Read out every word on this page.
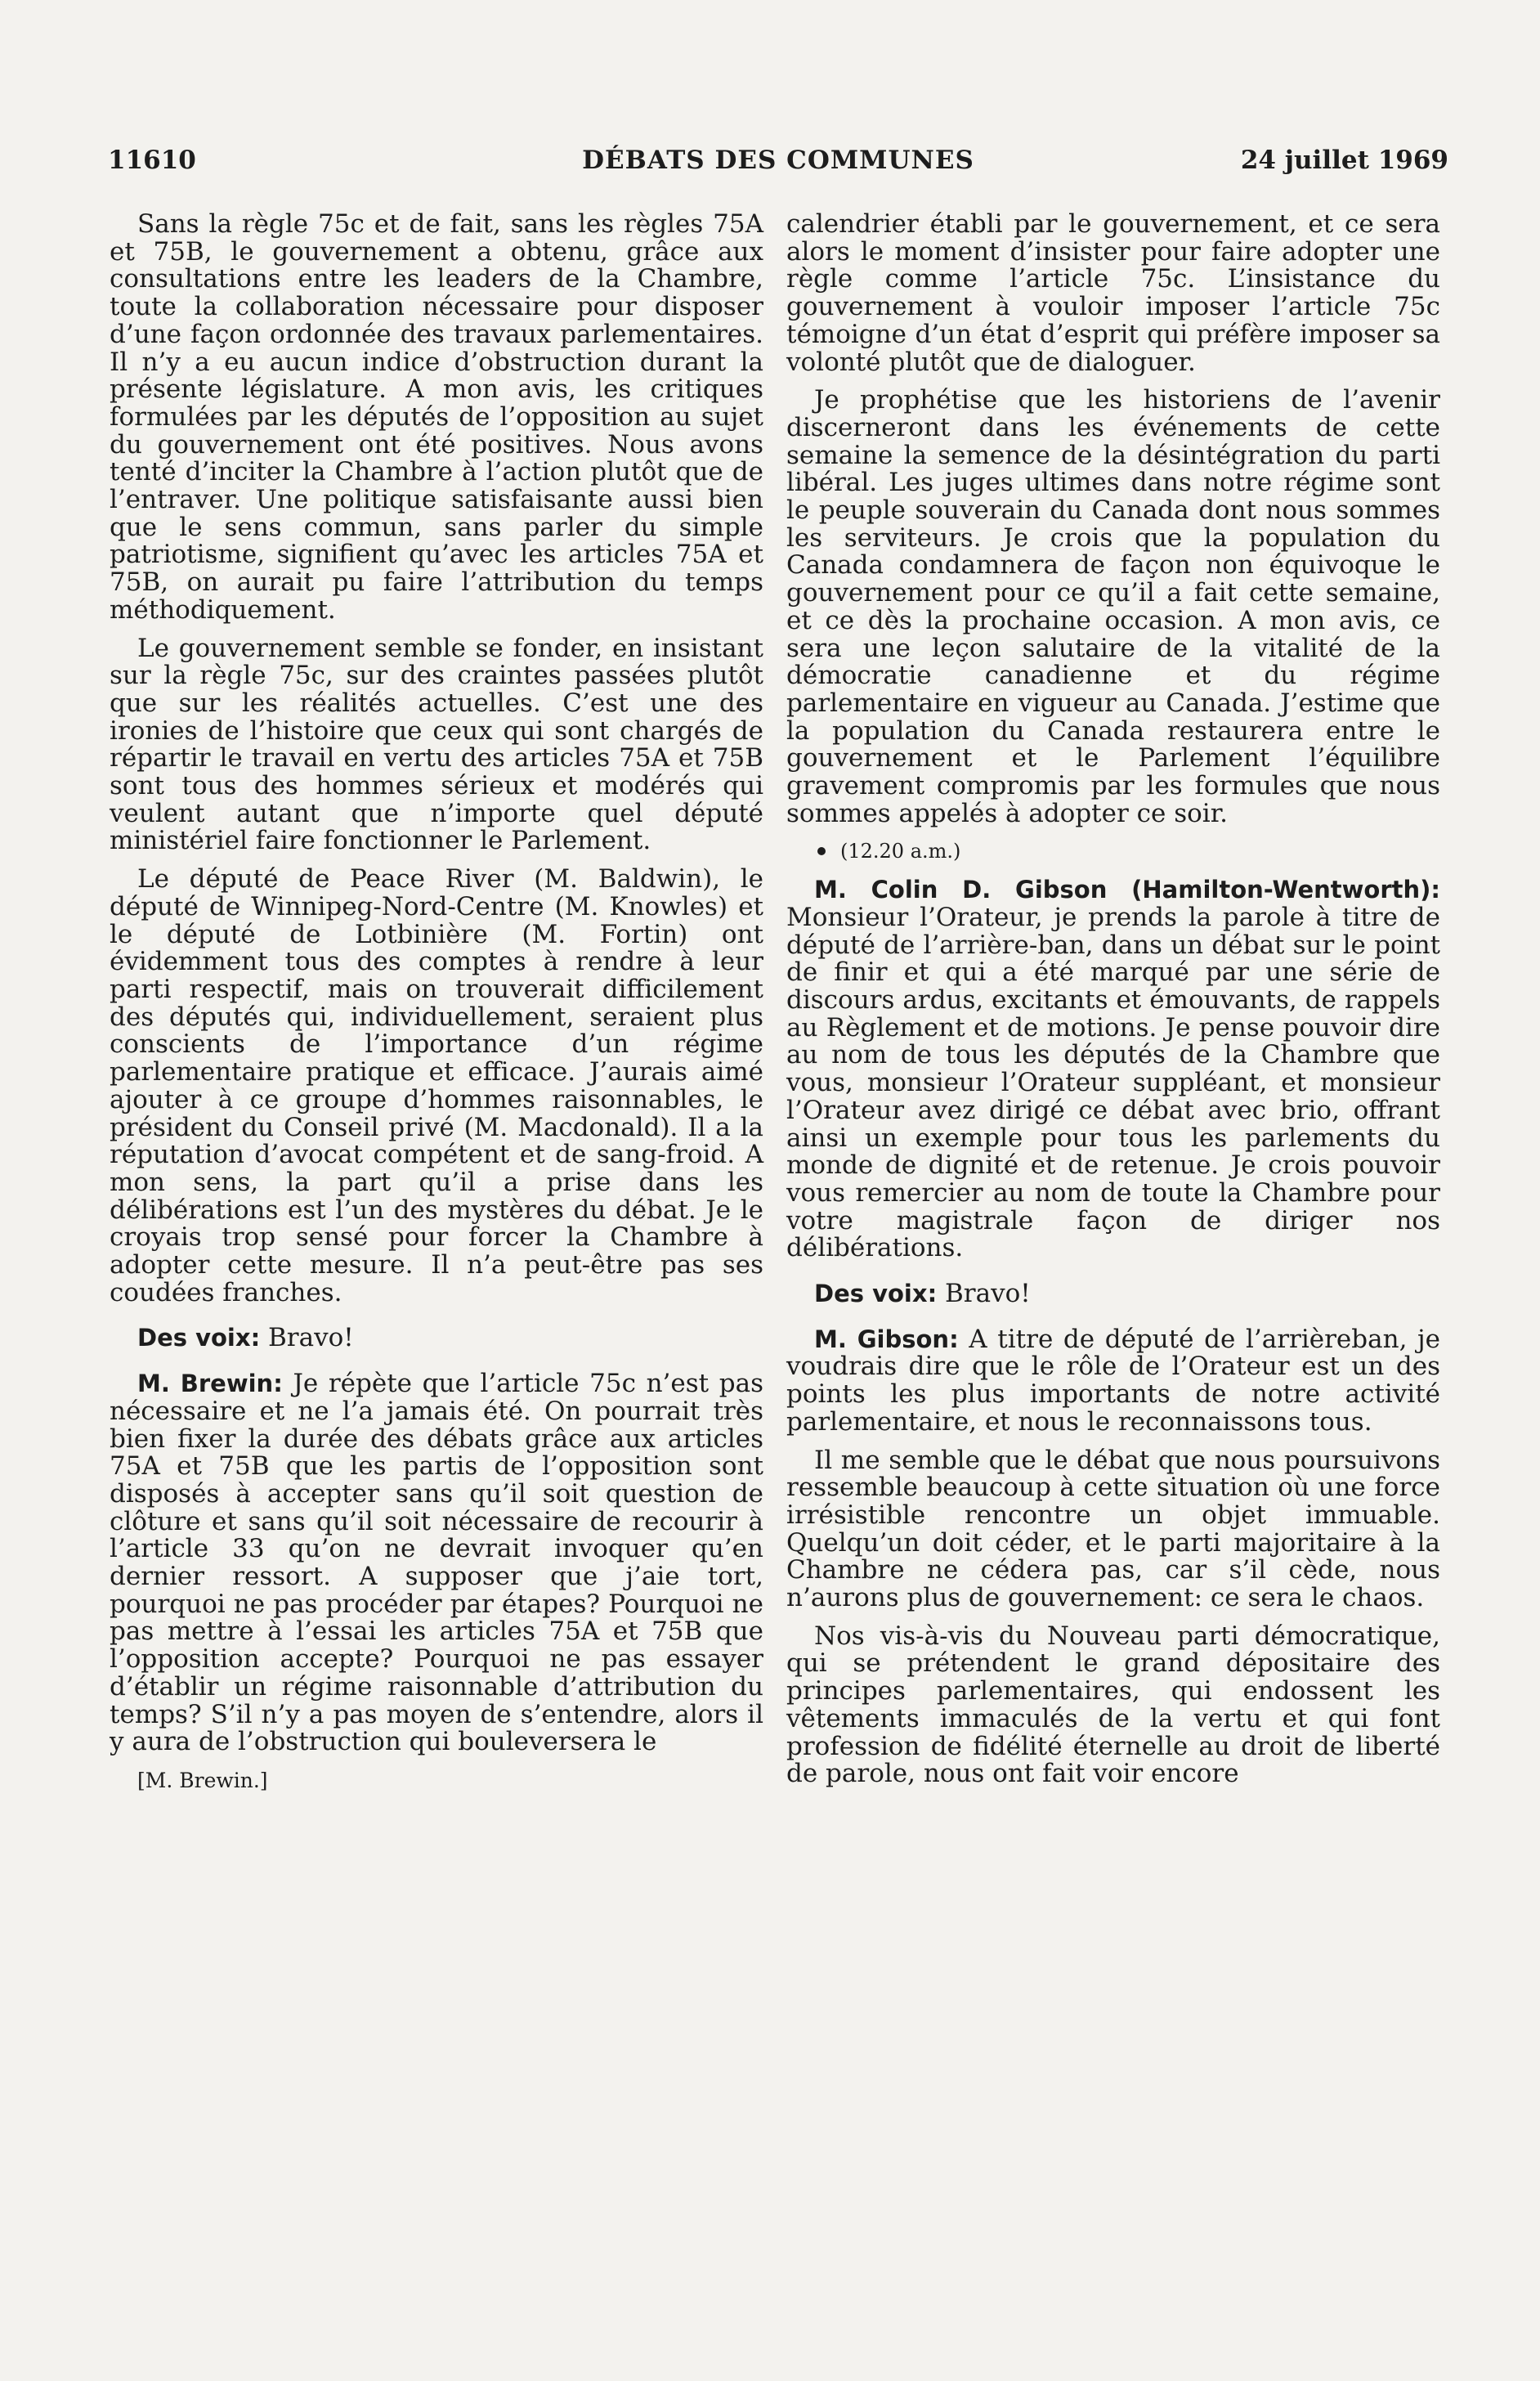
11610	DÉBATS DES COMMUNES	24 juillet 1969

Sans la règle 75c et de fait, sans les règles 75A et 75B, le gouvernement a obtenu, grâce aux consultations entre les leaders de la Chambre, toute la collaboration nécessaire pour disposer d’une façon ordonnée des travaux parlementaires. Il n’y a eu aucun indice d’obstruction durant la présente législature. A mon avis, les critiques formulées par les députés de l’opposition au sujet du gouvernement ont été positives. Nous avons tenté d’inciter la Chambre à l’action plutôt que de l’entraver. Une politique satisfaisante aussi bien que le sens commun, sans parler du simple patriotisme, signifient qu’avec les articles 75A et 75B, on aurait pu faire l’attribution du temps méthodiquement.

Le gouvernement semble se fonder, en insistant sur la règle 75c, sur des craintes passées plutôt que sur les réalités actuelles. C’est une des ironies de l’histoire que ceux qui sont chargés de répartir le travail en vertu des articles 75A et 75B sont tous des hommes sérieux et modérés qui veulent autant que n’importe quel député ministériel faire fonctionner le Parlement.

Le député de Peace River (M. Baldwin), le député de Winnipeg-Nord-Centre (M. Knowles) et le député de Lotbinière (M. Fortin) ont évidemment tous des comptes à rendre à leur parti respectif, mais on trouverait difficilement des députés qui, individuellement, seraient plus conscients de l’importance d’un régime parlementaire pratique et efficace. J’aurais aimé ajouter à ce groupe d’hommes raisonnables, le président du Conseil privé (M. Macdonald). Il a la réputation d’avocat compétent et de sang-froid. A mon sens, la part qu’il a prise dans les délibérations est l’un des mystères du débat. Je le croyais trop sensé pour forcer la Chambre à adopter cette mesure. Il n’a peut-être pas ses coudées franches.

Des voix: Bravo!

M. Brewin: Je répète que l’article 75c n’est pas nécessaire et ne l’a jamais été. On pourrait très bien fixer la durée des débats grâce aux articles 75A et 75B que les partis de l’opposition sont disposés à accepter sans qu’il soit question de clôture et sans qu’il soit nécessaire de recourir à l’article 33 qu’on ne devrait invoquer qu’en dernier ressort. A supposer que j’aie tort, pourquoi ne pas procéder par étapes? Pourquoi ne pas mettre à l’essai les articles 75A et 75B que l’opposition accepte? Pourquoi ne pas essayer d’établir un régime raisonnable d’attribution du temps? S’il n’y a pas moyen de s’entendre, alors il y aura de l’obstruction qui bouleversera le

[M. Brewin.]

calendrier établi par le gouvernement, et ce sera alors le moment d’insister pour faire adopter une règle comme l’article 75c. L’insistance du gouvernement à vouloir imposer l’article 75c témoigne d’un état d’esprit qui préfère imposer sa volonté plutôt que de dialoguer.

Je prophétise que les historiens de l’avenir discerneront dans les événements de cette semaine la semence de la désintégration du parti libéral. Les juges ultimes dans notre régime sont le peuple souverain du Canada dont nous sommes les serviteurs. Je crois que la population du Canada condamnera de façon non équivoque le gouvernement pour ce qu’il a fait cette semaine, et ce dès la prochaine occasion. A mon avis, ce sera une leçon salutaire de la vitalité de la démocratie canadienne et du régime parlementaire en vigueur au Canada. J’estime que la population du Canada restaurera entre le gouvernement et le Parlement l’équilibre gravement compromis par les formules que nous sommes appelés à adopter ce soir.

(12.20 a.m.)

M. Colin D. Gibson (Hamilton-Wentworth): Monsieur l’Orateur, je prends la parole à titre de député de l’arrière-ban, dans un débat sur le point de finir et qui a été marqué par une série de discours ardus, excitants et émouvants, de rappels au Règlement et de motions. Je pense pouvoir dire au nom de tous les députés de la Chambre que vous, monsieur l’Orateur suppléant, et monsieur l’Orateur avez dirigé ce débat avec brio, offrant ainsi un exemple pour tous les parlements du monde de dignité et de retenue. Je crois pouvoir vous remercier au nom de toute la Chambre pour votre magistrale façon de diriger nos délibérations.

Des voix: Bravo!

M. Gibson: A titre de député de l’arrièreban, je voudrais dire que le rôle de l’Orateur est un des points les plus importants de notre activité parlementaire, et nous le reconnaissons tous.

Il me semble que le débat que nous poursuivons ressemble beaucoup à cette situation où une force irrésistible rencontre un objet immuable. Quelqu’un doit céder, et le parti majoritaire à la Chambre ne cédera pas, car s’il cède, nous n’aurons plus de gouvernement: ce sera le chaos.

Nos vis-à-vis du Nouveau parti démocratique, qui se prétendent le grand dépositaire des principes parlementaires, qui endossent les vêtements immaculés de la vertu et qui font profession de fidélité éternelle au droit de liberté de parole, nous ont fait voir encore
